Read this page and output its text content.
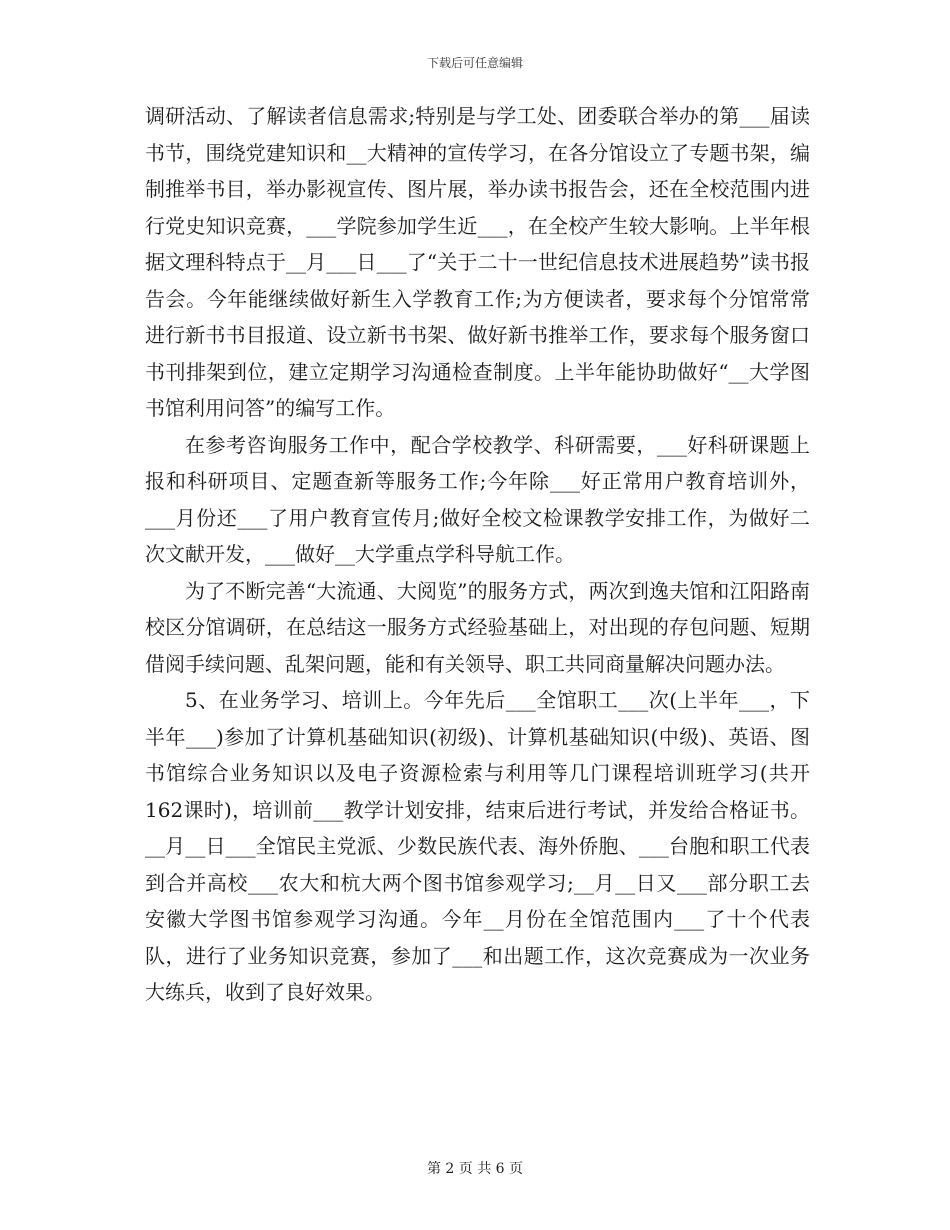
下载后可任意编辑

调研活动、了解读者信息需求;特别是与学工处、团委联合举办的第___届读书节，围绕党建知识和__大精神的宣传学习，在各分馆设立了专题书架，编制推举书目，举办影视宣传、图片展，举办读书报告会，还在全校范围内进行党史知识竞赛，___学院参加学生近___，在全校产生较大影响。上半年根据文理科特点于__月___日___了“关于二十一世纪信息技术进展趋势”读书报告会。今年能继续做好新生入学教育工作;为方便读者，要求每个分馆常常进行新书书目报道、设立新书书架、做好新书推举工作，要求每个服务窗口书刊排架到位，建立定期学习沟通检查制度。上半年能协助做好“__大学图书馆利用问答”的编写工作。

在参考咨询服务工作中，配合学校教学、科研需要，___好科研课题上报和科研项目、定题查新等服务工作;今年除___好正常用户教育培训外，___月份还___了用户教育宣传月;做好全校文检课教学安排工作，为做好二次文献开发，___做好__大学重点学科导航工作。

为了不断完善“大流通、大阅览”的服务方式，两次到逸夫馆和江阳路南校区分馆调研，在总结这一服务方式经验基础上，对出现的存包问题、短期借阅手续问题、乱架问题，能和有关领导、职工共同商量解决问题办法。

5、在业务学习、培训上。今年先后___全馆职工___次(上半年___，下半年___)参加了计算机基础知识(初级)、计算机基础知识(中级)、英语、图书馆综合业务知识以及电子资源检索与利用等几门课程培训班学习(共开162课时)，培训前___教学计划安排，结束后进行考试，并发给合格证书。__月__日___全馆民主党派、少数民族代表、海外侨胞、___台胞和职工代表到合并高校___农大和杭大两个图书馆参观学习;__月__日又___部分职工去安徽大学图书馆参观学习沟通。今年__月份在全馆范围内___了十个代表队，进行了业务知识竞赛，参加了___和出题工作，这次竞赛成为一次业务大练兵，收到了良好效果。

第 2 页 共 6 页
